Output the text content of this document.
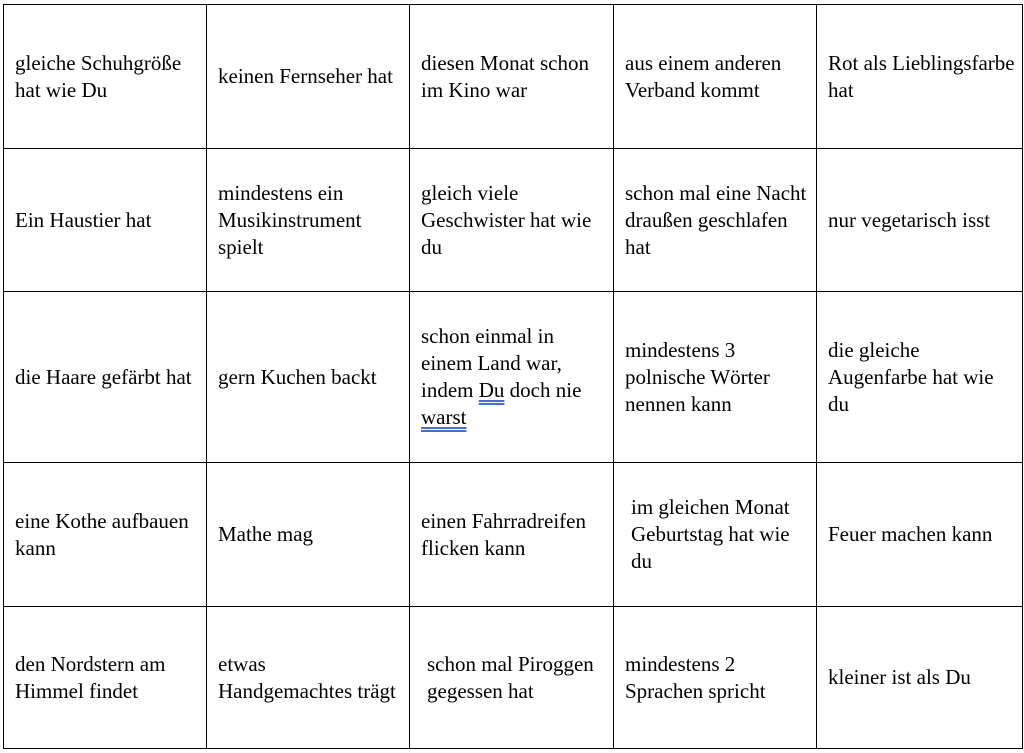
gleiche Schuhgröße hat wie Du	keinen Fernseher hat	diesen Monat schon im Kino war	aus einem anderen Verband kommt	Rot als Lieblingsfarbe hat
Ein Haustier hat	mindestens ein Musikinstrument spielt	gleich viele Geschwister hat wie du	schon mal eine Nacht draußen geschlafen hat	nur vegetarisch isst
die Haare gefärbt hat	gern Kuchen backt	schon einmal in einem Land war, indem Du doch nie warst	mindestens 3 polnische Wörter nennen kann	die gleiche Augenfarbe hat wie du
eine Kothe aufbauen kann	Mathe mag	einen Fahrradreifen flicken kann	im gleichen Monat Geburtstag hat wie du	Feuer machen kann
den Nordstern am Himmel findet	etwas Handgemachtes trägt	schon mal Piroggen gegessen hat	mindestens 2 Sprachen spricht	kleiner ist als Du
